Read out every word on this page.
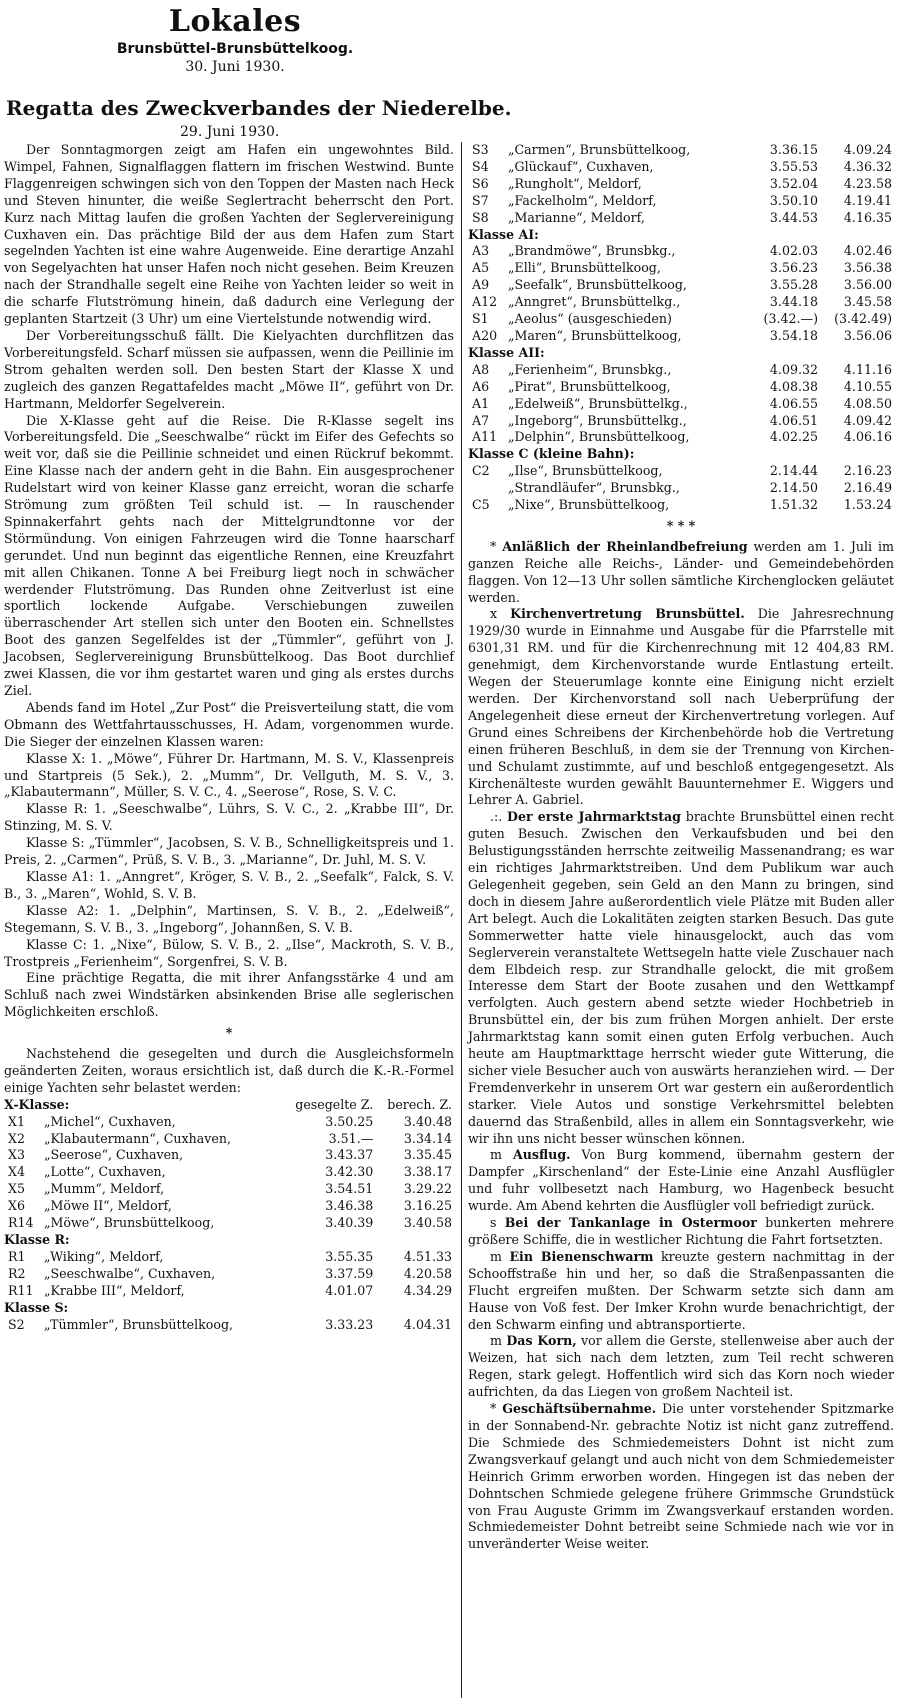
Lokales
Brunsbüttel-Brunsbüttelkoog.
30. Juni 1930.
Regatta des Zweckverbandes der Niederelbe.
29. Juni 1930.

Der Sonntagmorgen zeigt am Hafen ein ungewohntes Bild. Wimpel, Fahnen, Signalflaggen flattern im frischen Westwind. Bunte Flaggenreigen schwingen sich von den Toppen der Masten nach Heck und Steven hinunter, die weiße Seglertracht beherrscht den Port. Kurz nach Mittag laufen die großen Yachten der Seglervereinigung Cuxhaven ein. Das prächtige Bild der aus dem Hafen zum Start segelnden Yachten ist eine wahre Augenweide. Eine derartige Anzahl von Segelyachten hat unser Hafen noch nicht gesehen. Beim Kreuzen nach der Strandhalle segelt eine Reihe von Yachten leider so weit in die scharfe Flutströmung hinein, daß dadurch eine Verlegung der geplanten Startzeit (3 Uhr) um eine Viertelstunde notwendig wird.

Der Vorbereitungsschuß fällt. Die Kielyachten durchflitzen das Vorbereitungsfeld. Scharf müssen sie aufpassen, wenn die Peillinie im Strom gehalten werden soll. Den besten Start der Klasse X und zugleich des ganzen Regattafeldes macht „Möwe II“, geführt von Dr. Hartmann, Meldorfer Segelverein.

Die X-Klasse geht auf die Reise. Die R-Klasse segelt ins Vorbereitungsfeld. Die „Seeschwalbe“ rückt im Eifer des Gefechts so weit vor, daß sie die Peillinie schneidet und einen Rückruf bekommt. Eine Klasse nach der andern geht in die Bahn. Ein ausgesprochener Rudelstart wird von keiner Klasse ganz erreicht, woran die scharfe Strömung zum größten Teil schuld ist. — In rauschender Spinnakerfahrt gehts nach der Mittelgrundtonne vor der Störmündung. Von einigen Fahrzeugen wird die Tonne haarscharf gerundet. Und nun beginnt das eigentliche Rennen, eine Kreuzfahrt mit allen Chikanen. Tonne A bei Freiburg liegt noch in schwächer werdender Flutströmung. Das Runden ohne Zeitverlust ist eine sportlich lockende Aufgabe. Verschiebungen zuweilen überraschender Art stellen sich unter den Booten ein. Schnellstes Boot des ganzen Segelfeldes ist der „Tümmler“, geführt von J. Jacobsen, Seglervereinigung Brunsbüttelkoog. Das Boot durchlief zwei Klassen, die vor ihm gestartet waren und ging als erstes durchs Ziel.

Abends fand im Hotel „Zur Post“ die Preisverteilung statt, die vom Obmann des Wettfahrtausschusses, H. Adam, vorgenommen wurde. Die Sieger der einzelnen Klassen waren:

Klasse X: 1. „Möwe“, Führer Dr. Hartmann, M. S. V., Klassenpreis und Startpreis (5 Sek.), 2. „Mumm“, Dr. Vellguth, M. S. V., 3. „Klabautermann“, Müller, S. V. C., 4. „Seerose“, Rose, S. V. C.

Klasse R: 1. „Seeschwalbe“, Lührs, S. V. C., 2. „Krabbe III“, Dr. Stinzing, M. S. V.

Klasse S: „Tümmler“, Jacobsen, S. V. B., Schnelligkeitspreis und 1. Preis, 2. „Carmen“, Prüß, S. V. B., 3. „Marianne“, Dr. Juhl, M. S. V.

Klasse A1: 1. „Anngret“, Kröger, S. V. B., 2. „Seefalk“, Falck, S. V. B., 3. „Maren“, Wohld, S. V. B.

Klasse A2: 1. „Delphin“, Martinsen, S. V. B., 2. „Edelweiß“, Stegemann, S. V. B., 3. „Ingeborg“, Johannßen, S. V. B.

Klasse C: 1. „Nixe“, Bülow, S. V. B., 2. „Ilse“, Mackroth, S. V. B., Trostpreis „Ferienheim“, Sorgenfrei, S. V. B.

Eine prächtige Regatta, die mit ihrer Anfangsstärke 4 und am Schluß nach zwei Windstärken absinkenden Brise alle seglerischen Möglichkeiten erschloß.

*

Nachstehend die gesegelten und durch die Ausgleichsformeln geänderten Zeiten, woraus ersichtlich ist, daß durch die K.-R.-Formel einige Yachten sehr belastet werden:

X-Klasse:		gesegelte Z.	berech. Z.
X1	„Michel“, Cuxhaven,	3.50.25	3.40.48
X2	„Klabautermann“, Cuxhaven,	3.51.—	3.34.14
X3	„Seerose“, Cuxhaven,	3.43.37	3.35.45
X4	„Lotte“, Cuxhaven,	3.42.30	3.38.17
X5	„Mumm“, Meldorf,	3.54.51	3.29.22
X6	„Möwe II“, Meldorf,	3.46.38	3.16.25
R14	„Möwe“, Brunsbüttelkoog,	3.40.39	3.40.58
Klasse R:			
R1	„Wiking“, Meldorf,	3.55.35	4.51.33
R2	„Seeschwalbe“, Cuxhaven,	3.37.59	4.20.58
R11	„Krabbe III“, Meldorf,	4.01.07	4.34.29
Klasse S:			
S2	„Tümmler“, Brunsbüttelkoog,	3.33.23	4.04.31
S3	„Carmen“, Brunsbüttelkoog,	3.36.15	4.09.24
S4	„Glückauf“, Cuxhaven,	3.55.53	4.36.32
S6	„Rungholt“, Meldorf,	3.52.04	4.23.58
S7	„Fackelholm“, Meldorf,	3.50.10	4.19.41
S8	„Marianne“, Meldorf,	3.44.53	4.16.35
Klasse AI:			
A3	„Brandmöwe“, Brunsbkg.,	4.02.03	4.02.46
A5	„Elli“, Brunsbüttelkoog,	3.56.23	3.56.38
A9	„Seefalk“, Brunsbüttelkoog,	3.55.28	3.56.00
A12	„Anngret“, Brunsbüttelkg.,	3.44.18	3.45.58
S1	„Aeolus“ (ausgeschieden)	(3.42.—)	(3.42.49)
A20	„Maren“, Brunsbüttelkoog,	3.54.18	3.56.06
Klasse AII:			
A8	„Ferienheim“, Brunsbkg.,	4.09.32	4.11.16
A6	„Pirat“, Brunsbüttelkoog,	4.08.38	4.10.55
A1	„Edelweiß“, Brunsbüttelkg.,	4.06.55	4.08.50
A7	„Ingeborg“, Brunsbüttelkg.,	4.06.51	4.09.42
A11	„Delphin“, Brunsbüttelkoog,	4.02.25	4.06.16
Klasse C (kleine Bahn):			
C2	„Ilse“, Brunsbüttelkoog,	2.14.44	2.16.23
	„Strandläufer“, Brunsbkg.,	2.14.50	2.16.49
C5	„Nixe“, Brunsbüttelkoog,	1.51.32	1.53.24

* * *

* Anläßlich der Rheinlandbefreiung werden am 1. Juli im ganzen Reiche alle Reichs-, Länder- und Gemeindebehörden flaggen. Von 12—13 Uhr sollen sämtliche Kirchenglocken geläutet werden.

x Kirchenvertretung Brunsbüttel. Die Jahresrechnung 1929/30 wurde in Einnahme und Ausgabe für die Pfarrstelle mit 6301,31 RM. und für die Kirchenrechnung mit 12 404,83 RM. genehmigt, dem Kirchenvorstande wurde Entlastung erteilt. Wegen der Steuerumlage konnte eine Einigung nicht erzielt werden. Der Kirchenvorstand soll nach Ueberprüfung der Angelegenheit diese erneut der Kirchenvertretung vorlegen. Auf Grund eines Schreibens der Kirchenbehörde hob die Vertretung einen früheren Beschluß, in dem sie der Trennung von Kirchen- und Schulamt zustimmte, auf und beschloß entgegengesetzt. Als Kirchenälteste wurden gewählt Bauunternehmer E. Wiggers und Lehrer A. Gabriel.

.:. Der erste Jahrmarktstag brachte Brunsbüttel einen recht guten Besuch. Zwischen den Verkaufsbuden und bei den Belustigungsständen herrschte zeitweilig Massenandrang; es war ein richtiges Jahrmarktstreiben. Und dem Publikum war auch Gelegenheit gegeben, sein Geld an den Mann zu bringen, sind doch in diesem Jahre außerordentlich viele Plätze mit Buden aller Art belegt. Auch die Lokalitäten zeigten starken Besuch. Das gute Sommerwetter hatte viele hinausgelockt, auch das vom Seglerverein veranstaltete Wettsegeln hatte viele Zuschauer nach dem Elbdeich resp. zur Strandhalle gelockt, die mit großem Interesse dem Start der Boote zusahen und den Wettkampf verfolgten. Auch gestern abend setzte wieder Hochbetrieb in Brunsbüttel ein, der bis zum frühen Morgen anhielt. Der erste Jahrmarktstag kann somit einen guten Erfolg verbuchen. Auch heute am Hauptmarkttage herrscht wieder gute Witterung, die sicher viele Besucher auch von auswärts heranziehen wird. — Der Fremdenverkehr in unserem Ort war gestern ein außerordentlich starker. Viele Autos und sonstige Verkehrsmittel belebten dauernd das Straßenbild, alles in allem ein Sonntagsverkehr, wie wir ihn uns nicht besser wünschen können.

m Ausflug. Von Burg kommend, übernahm gestern der Dampfer „Kirschenland“ der Este-Linie eine Anzahl Ausflügler und fuhr vollbesetzt nach Hamburg, wo Hagenbeck besucht wurde. Am Abend kehrten die Ausflügler voll befriedigt zurück.

s Bei der Tankanlage in Ostermoor bunkerten mehrere größere Schiffe, die in westlicher Richtung die Fahrt fortsetzten.

m Ein Bienenschwarm kreuzte gestern nachmittag in der Schooffstraße hin und her, so daß die Straßenpassanten die Flucht ergreifen mußten. Der Schwarm setzte sich dann am Hause von Voß fest. Der Imker Krohn wurde benachrichtigt, der den Schwarm einfing und abtransportierte.

m Das Korn, vor allem die Gerste, stellenweise aber auch der Weizen, hat sich nach dem letzten, zum Teil recht schweren Regen, stark gelegt. Hoffentlich wird sich das Korn noch wieder aufrichten, da das Liegen von großem Nachteil ist.

* Geschäftsübernahme. Die unter vorstehender Spitzmarke in der Sonnabend-Nr. gebrachte Notiz ist nicht ganz zutreffend. Die Schmiede des Schmiedemeisters Dohnt ist nicht zum Zwangsverkauf gelangt und auch nicht von dem Schmiedemeister Heinrich Grimm erworben worden. Hingegen ist das neben der Dohntschen Schmiede gelegene frühere Grimmsche Grundstück von Frau Auguste Grimm im Zwangsverkauf erstanden worden. Schmiedemeister Dohnt betreibt seine Schmiede nach wie vor in unveränderter Weise weiter.
